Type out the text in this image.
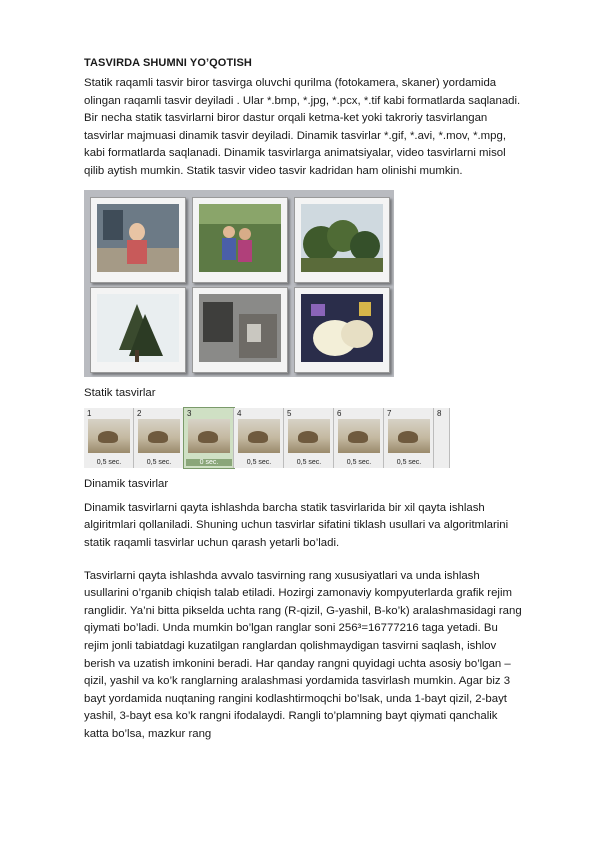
TASVIRDA SHUMNI YO’QOTISH

Statik raqamli tasvir biror tasvirga oluvchi qurilma (fotokamera, skaner) yordamida olingan raqamli tasvir deyiladi . Ular *.bmp, *.jpg, *.pcx, *.tif kabi formatlarda saqlanadi. Bir necha statik tasvirlarni biror dastur orqali ketma-ket yoki takroriy tasvirlangan tasvirlar majmuasi dinamik tasvir deyiladi. Dinamik tasvirlar *.gif, *.avi, *.mov, *.mpg, kabi formatlarda saqlanadi. Dinamik tasvirlarga animatsiyalar, video tasvirlarni misol qilib aytish mumkin. Statik tasvir video tasvir kadridan ham olinishi mumkin.

Statik tasvirlar

1
0,5 sec.
2
0,5 sec.
3
0 sec.
4
0,5 sec.
5
0,5 sec.
6
0,5 sec.
7
0,5 sec.
8

Dinamik tasvirlar

Dinamik tasvirlarni qayta ishlashda barcha statik tasvirlarida bir xil qayta ishlash algiritmlari qollaniladi. Shuning uchun tasvirlar sifatini tiklash usullari va algoritmlarini statik raqamli tasvirlar uchun qarash yetarli bo’ladi.

Tasvirlarni qayta ishlashda avvalo tasvirning rang xususiyatlari va unda ishlash usullarini o’rganib chiqish talab etiladi. Hozirgi zamonaviy kompyuterlarda grafik rejim ranglidir. Ya’ni bitta pikselda uchta rang (R-qizil, G-yashil, B-ko’k) aralashmasidagi rang qiymati bo’ladi. Unda mumkin bo’lgan ranglar soni 256³=16777216 taga yetadi. Bu rejim jonli tabiatdagi kuzatilgan ranglardan qolishmaydigan tasvirni saqlash, ishlov berish va uzatish imkonini beradi. Har qanday rangni quyidagi uchta asosiy bo’lgan – qizil, yashil va ko’k ranglarning aralashmasi yordamida tasvirlash mumkin. Agar biz 3 bayt yordamida nuqtaning rangini kodlashtirmoqchi bo’lsak, unda 1-bayt qizil, 2-bayt yashil, 3-bayt esa ko’k rangni ifodalaydi. Rangli to’plamning bayt qiymati qanchalik katta bo’lsa, mazkur rang
